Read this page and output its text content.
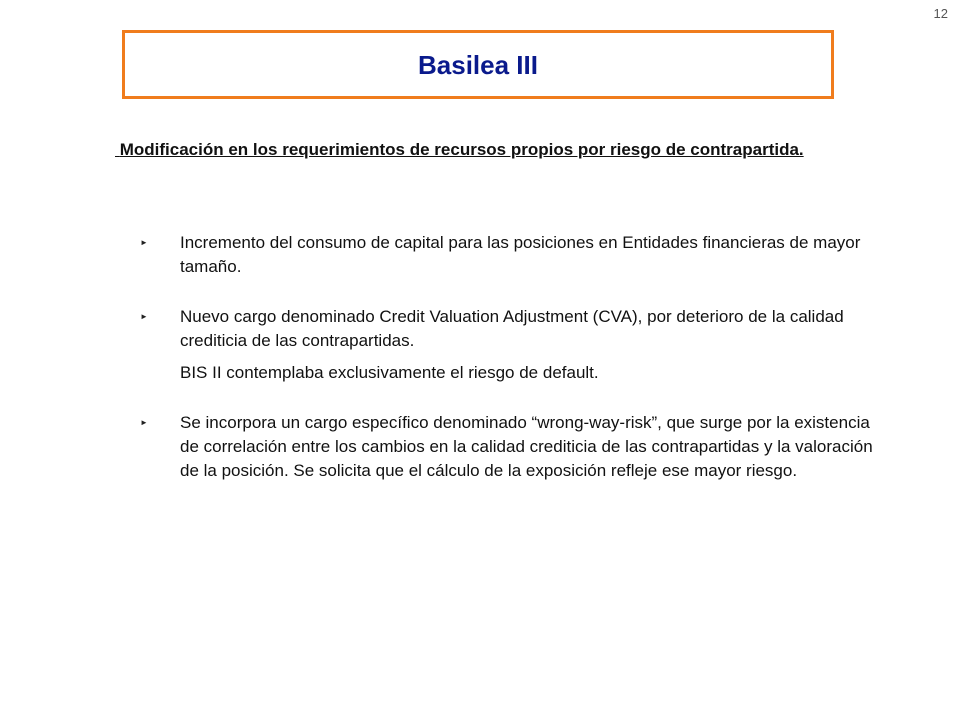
12
Basilea III

Modificación en los requerimientos de recursos propios por riesgo de contrapartida.

► Incremento del consumo de capital para las posiciones en Entidades financieras de mayor tamaño.
► Nuevo cargo denominado Credit Valuation Adjustment (CVA), por deterioro de la calidad crediticia de las contrapartidas.
BIS II contemplaba exclusivamente el riesgo de default.
► Se incorpora un cargo específico denominado “wrong-way-risk”, que surge por la existencia de correlación entre los cambios en la calidad crediticia de las contrapartidas y la valoración de la posición. Se solicita que el cálculo de la exposición refleje ese mayor riesgo.
